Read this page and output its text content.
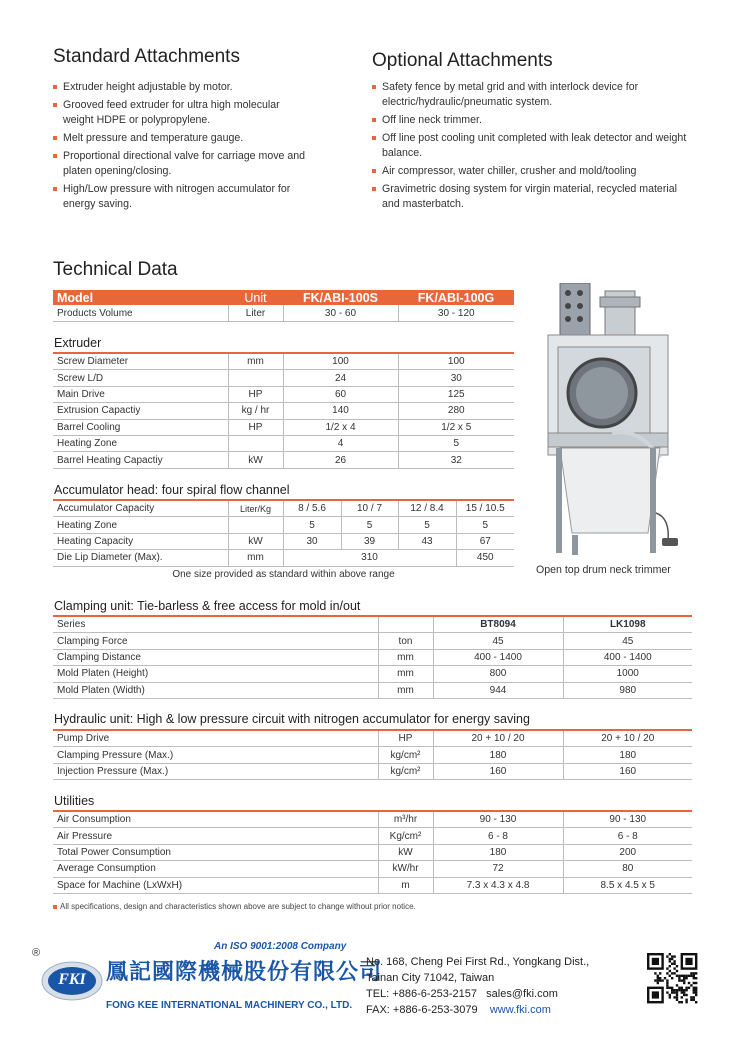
Standard Attachments
Extruder height adjustable by motor.
Grooved feed extruder for ultra high molecular weight HDPE or polypropylene.
Melt pressure and temperature gauge.
Proportional directional valve for carriage move and platen opening/closing.
High/Low pressure with nitrogen accumulator for energy saving.
Optional Attachments
Safety fence by metal grid and with interlock device for electric/hydraulic/pneumatic system.
Off line neck trimmer.
Off line post cooling unit completed with leak detector and weight balance.
Air compressor, water chiller, crusher and mold/tooling
Gravimetric dosing system for virgin material, recycled material and masterbatch.
Technical Data
Model	Unit	FK/ABI-100S	FK/ABI-100G
Products Volume	Liter	30 - 60	30 - 120
Extruder
Screw Diameter	mm	100	100
Screw L/D		24	30
Main Drive	HP	60	125
Extrusion Capactiy	kg / hr	140	280
Barrel Cooling	HP	1/2 x 4	1/2 x 5
Heating Zone		4	5
Barrel Heating Capactiy	kW	26	32
Accumulator head: four spiral flow channel
Accumulator Capacity	Liter/Kg	8 / 5.6	10 / 7	12 / 8.4	15 / 10.5
Heating Zone		5	5	5	5
Heating Capacity	kW	30	39	43	67
Die Lip Diameter (Max).	mm	310			450
One size provided as standard within above range						Open top drum neck trimmer
Clamping unit: Tie-barless & free access for mold in/out
Series		BT8094	LK1098
Clamping Force	ton	45	45
Clamping Distance	mm	400 - 1400	400 - 1400
Mold Platen (Height)	mm	800	1000
Mold Platen (Width)	mm	944	980
Hydraulic unit: High & low pressure circuit with nitrogen accumulator for energy saving
Pump Drive	HP	20 + 10 / 20	20 + 10 / 20
Clamping Pressure (Max.)	kg/cm²	180	180
Injection Pressure (Max.)	kg/cm²	160	160
Utilities
Air Consumption	m³/hr	90 - 130	90 - 130
Air Pressure	Kg/cm²	6 - 8	6 - 8
Total Power Consumption	kW	180	200
Average Consumption	kW/hr	72	80
Space for Machine (LxWxH)	m	7.3 x 4.3 x 4.8	8.5 x 4.5 x 5
All specifications, design and characteristics shown above are subject to change without prior notice.
®
FKI
An ISO 9001:2008 Company
鳳記國際機械股份有限公司
FONG KEE INTERNATIONAL MACHINERY CO., LTD.
No. 168, Cheng Pei First Rd., Yongkang Dist.,
Tainan City 71042, Taiwan
TEL: +886-6-253-2157 sales@fki.com
FAX: +886-6-253-3079 www.fki.com
